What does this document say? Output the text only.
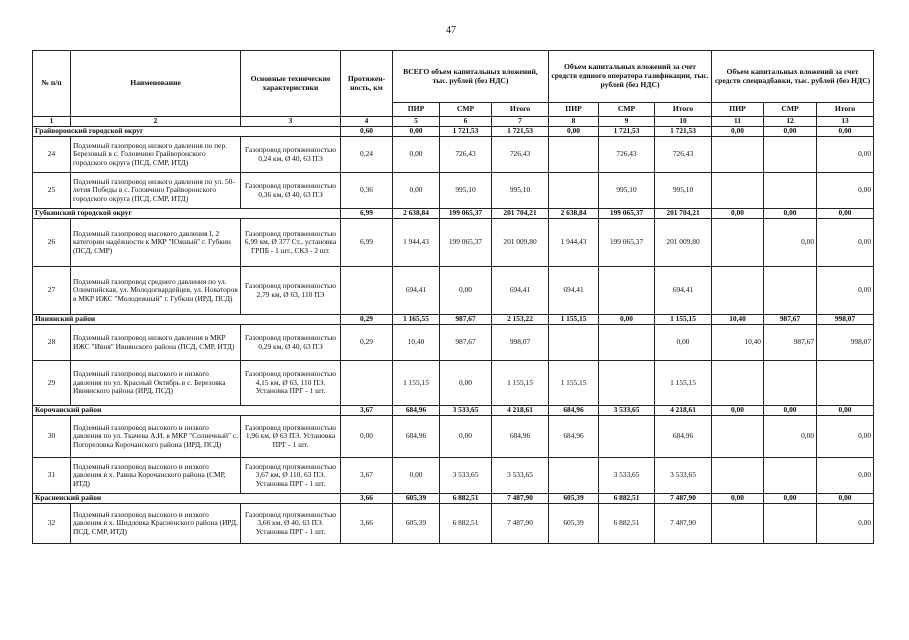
47
№ п/п	Наименование	Основные технические характеристики	Протяжен-ность, км	ВСЕГО объем капитальных вложений, тыс. рублей (без НДС)			Объем капитальных вложений за счет средств единого оператора газификации, тыс. рублей (без НДС)			Объем капитальных вложений за счет средств спецнадбавки, тыс. рублей (без НДС)		
				ПИР	СМР	Итого	ПИР	СМР	Итого	ПИР	СМР	Итого
1	2	3	4	5	6	7	8	9	10	11	12	13
Грайворонский городской округ			0,60	0,00	1 721,53	1 721,53	0,00	1 721,53	1 721,53	0,00	0,00	0,00
24	Подземный газопровод низкого давления по пер. Березовый в с. Головчино Грайворонского городского округа (ПСД, СМР, ИТД)	Газопровод протяженностью 0,24 км, Ø 40, 63 ПЭ	0,24	0,00	726,43	726,43		726,43	726,43			0,00
25	Подземный газопровод низкого давления по ул. 50-летия Победы в с. Головчино Грайворонского городского округа (ПСД, СМР, ИТД)	Газопровод протяженностью 0,36 км, Ø 40, 63 ПЭ	0,36	0,00	995,10	995,10		995,10	995,10			0,00
Губкинский городской округ			6,99	2 638,84	199 065,37	201 704,21	2 638,84	199 065,37	201 704,21	0,00	0,00	0,00
26	Подземный газопровод высокого давления I, 2 категории надёжности к МКР "Южный" г. Губкин (ПСД, СМР)	Газопровод протяженностью 6,99 км, Ø 377 Ст., установка ГРПБ - 1 шт., СКЗ - 2 шт.	6,99	1 944,43	199 065,37	201 009,80	1 944,43	199 065,37	201 009,80		0,00	0,00
27	Подземный газопровод среднего давления по ул. Олимпийская, ул. Молодогвардейцев, ул. Новаторов в МКР ИЖС "Молодежный" г. Губкин (ИРД, ПСД)	Газопровод протяженностью 2,79 км, Ø 63, 110 ПЭ		694,41	0,00	694,41	694,41		694,41			0,00
Ивнянский район			0,29	1 165,55	987,67	2 153,22	1 155,15	0,00	1 155,15	10,40	987,67	998,07
28	Подземный газопровод низкого давления в МКР ИЖС "Ивня" Ивнянского района (ПСД, СМР, ИТД)	Газопровод протяженностью 0,29 км, Ø 40, 63 ПЭ	0,29	10,40	987,67	998,07			0,00	10,40	987,67	998,07
29	Подземный газопровод высокого и низкого давления по ул. Красный Октябрь в с. Березовка Ивнянского района (ИРД, ПСД)	Газопровод протяженностью 4,15 км, Ø 63, 110 ПЭ. Установка ПРГ - 1 шт.		1 155,15	0,00	1 155,15	1 155,15		1 155,15			
Корочанский район			3,67	684,96	3 533,65	4 218,61	684,96	3 533,65	4 218,61	0,00	0,00	0,00
30	Подземный газопровод высокого и низкого давления по ул. Ткачева А.И. в МКР "Солнечный" с. Погореловка Корочанского района (ИРД, ПСД)	Газопровод протяженностью 1,96 км, Ø 63 ПЭ. Установка ПРГ - 1 шт.	0,00	684,96	0,00	684,96	684,96		684,96		0,00	0,00
31	Подземный газопровод высокого и низкого давления в х. Равны Корочанского района (СМР, ИТД)	Газопровод протяженностью 3,67 км, Ø 110, 63 ПЭ. Установка ПРГ - 1 шт.	3,67	0,00	3 533,65	3 533,65		3 533,65	3 533,65			0,00
Красненский район			3,66	605,39	6 882,51	7 487,90	605,39	6 882,51	7 487,90	0,00	0,00	0,00
32	Подземный газопровод высокого и низкого давления в х. Шидловка Красненского района (ИРД, ПСД, СМР, ИТД)	Газопровод протяженностью 3,66 км, Ø 40, 63 ПЭ. Установка ПРГ - 1 шт.	3,66	605,39	6 882,51	7 487,90	605,39	6 882,51	7 487,90			0,00
